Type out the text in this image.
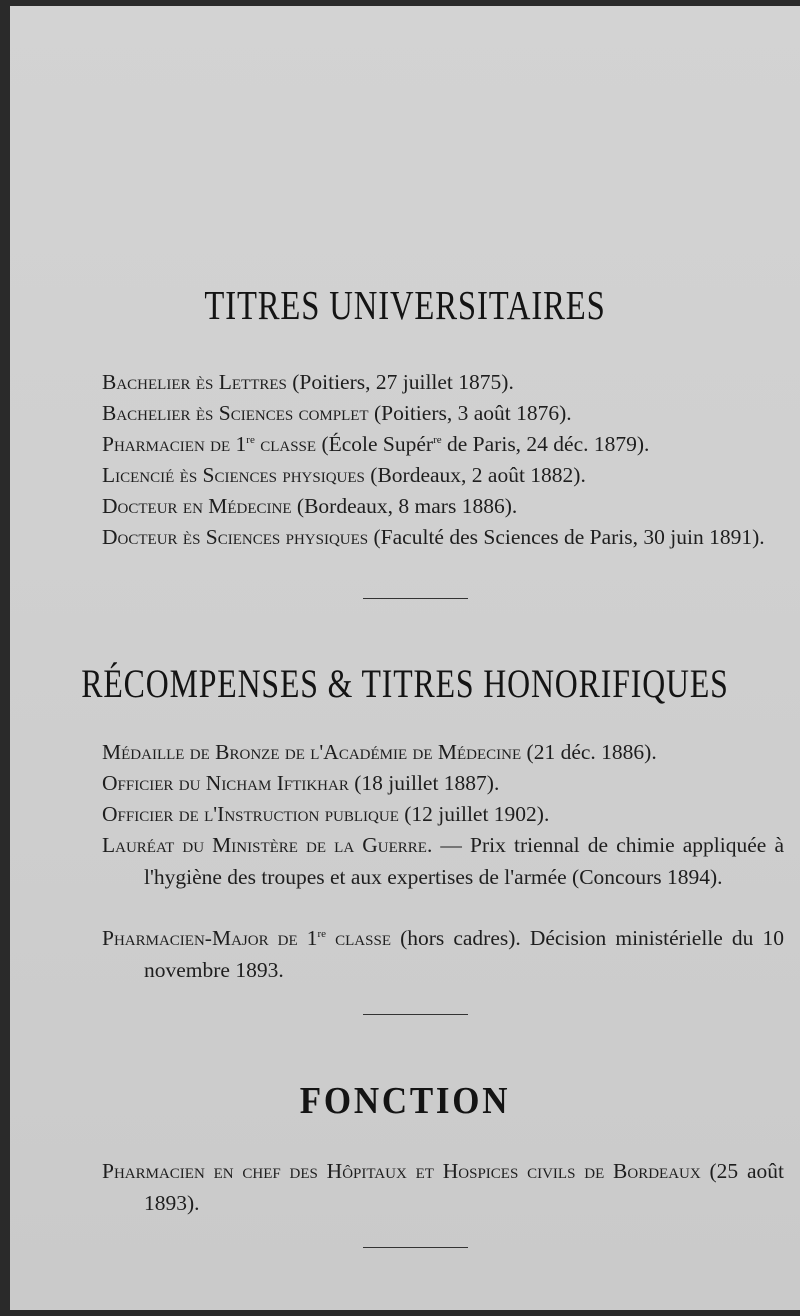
TITRES UNIVERSITAIRES
Bachelier ès Lettres (Poitiers, 27 juillet 1875).
Bachelier ès Sciences complet (Poitiers, 3 août 1876).
Pharmacien de 1re classe (École Supér$^{re}$ de Paris, 24 déc. 1879).
Licencié ès Sciences physiques (Bordeaux, 2 août 1882).
Docteur en Médecine (Bordeaux, 8 mars 1886).
Docteur ès Sciences physiques (Faculté des Sciences de Paris, 30 juin 1891).
RÉCOMPENSES & TITRES HONORIFIQUES
Médaille de Bronze de l'Académie de Médecine (21 déc. 1886).
Officier du Nicham Iftikhar (18 juillet 1887).
Officier de l'Instruction publique (12 juillet 1902).
Lauréat du Ministère de la Guerre. — Prix triennal de chimie appliquée à l'hygiène des troupes et aux expertises de l'armée (Concours 1894).
Pharmacien-Major de 1re classe (hors cadres). Décision ministérielle du 10 novembre 1893.
FONCTION
Pharmacien en chef des Hôpitaux et Hospices civils de Bordeaux (25 août 1893).
